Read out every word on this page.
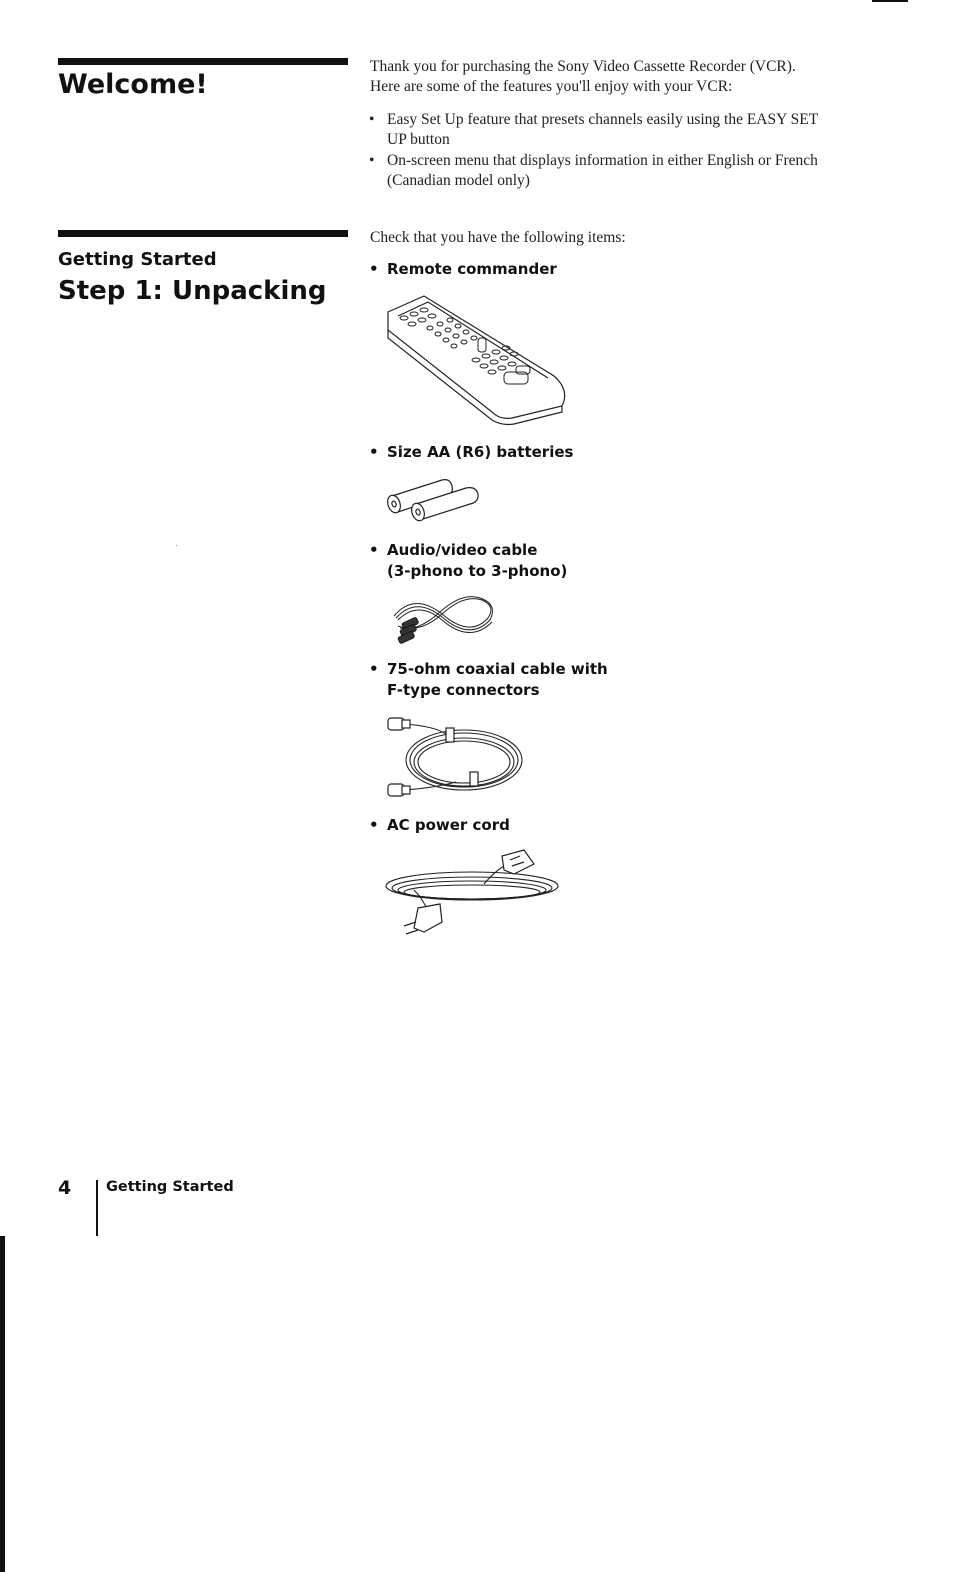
Welcome!
Thank you for purchasing the Sony Video Cassette Recorder (VCR).
Here are some of the features you'll enjoy with your VCR:
• Easy Set Up feature that presets channels easily using the EASY SET
UP button
• On-screen menu that displays information in either English or French
(Canadian model only)
Getting Started
Step 1: Unpacking
Check that you have the following items:
• Remote commander
• Size AA (R6) batteries
• Audio/video cable
(3-phono to 3-phono)
• 75-ohm coaxial cable with
F-type connectors
• AC power cord
4 Getting Started
